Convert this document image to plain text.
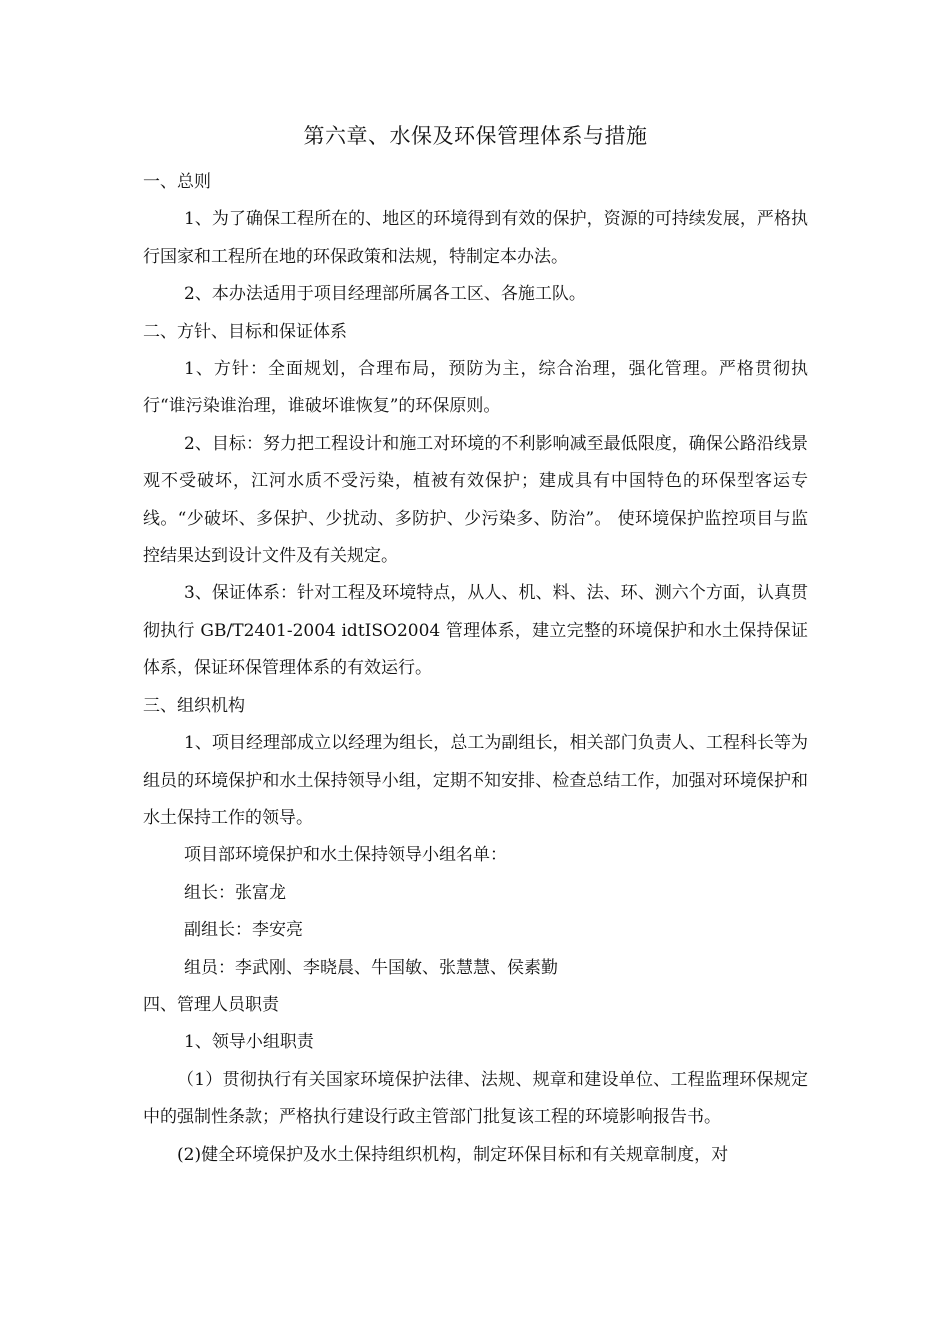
第六章、水保及环保管理体系与措施

一、总则

1、为了确保工程所在的、地区的环境得到有效的保护，资源的可持续发展，严格执行国家和工程所在地的环保政策和法规，特制定本办法。

2、本办法适用于项目经理部所属各工区、各施工队。

二、方针、目标和保证体系

1、方针：全面规划，合理布局，预防为主，综合治理，强化管理。严格贯彻执行“谁污染谁治理，谁破坏谁恢复”的环保原则。

2、目标：努力把工程设计和施工对环境的不利影响减至最低限度，确保公路沿线景观不受破坏，江河水质不受污染，植被有效保护；建成具有中国特色的环保型客运专线。“少破坏、多保护、少扰动、多防护、少污染多、防治”。 使环境保护监控项目与监控结果达到设计文件及有关规定。

3、保证体系：针对工程及环境特点，从人、机、料、法、环、测六个方面，认真贯彻执行 GB/T2401-2004 idtISO2004 管理体系，建立完整的环境保护和水土保持保证体系，保证环保管理体系的有效运行。

三、组织机构

1、项目经理部成立以经理为组长，总工为副组长，相关部门负责人、工程科长等为组员的环境保护和水土保持领导小组，定期不知安排、检查总结工作，加强对环境保护和水土保持工作的领导。

项目部环境保护和水土保持领导小组名单：

组长：张富龙

副组长：李安亮

组员：李武刚、李晓晨、牛国敏、张慧慧、侯素勤

四、管理人员职责

1、领导小组职责

（1）贯彻执行有关国家环境保护法律、法规、规章和建设单位、工程监理环保规定中的强制性条款；严格执行建设行政主管部门批复该工程的环境影响报告书。

(2)健全环境保护及水土保持组织机构，制定环保目标和有关规章制度，对
